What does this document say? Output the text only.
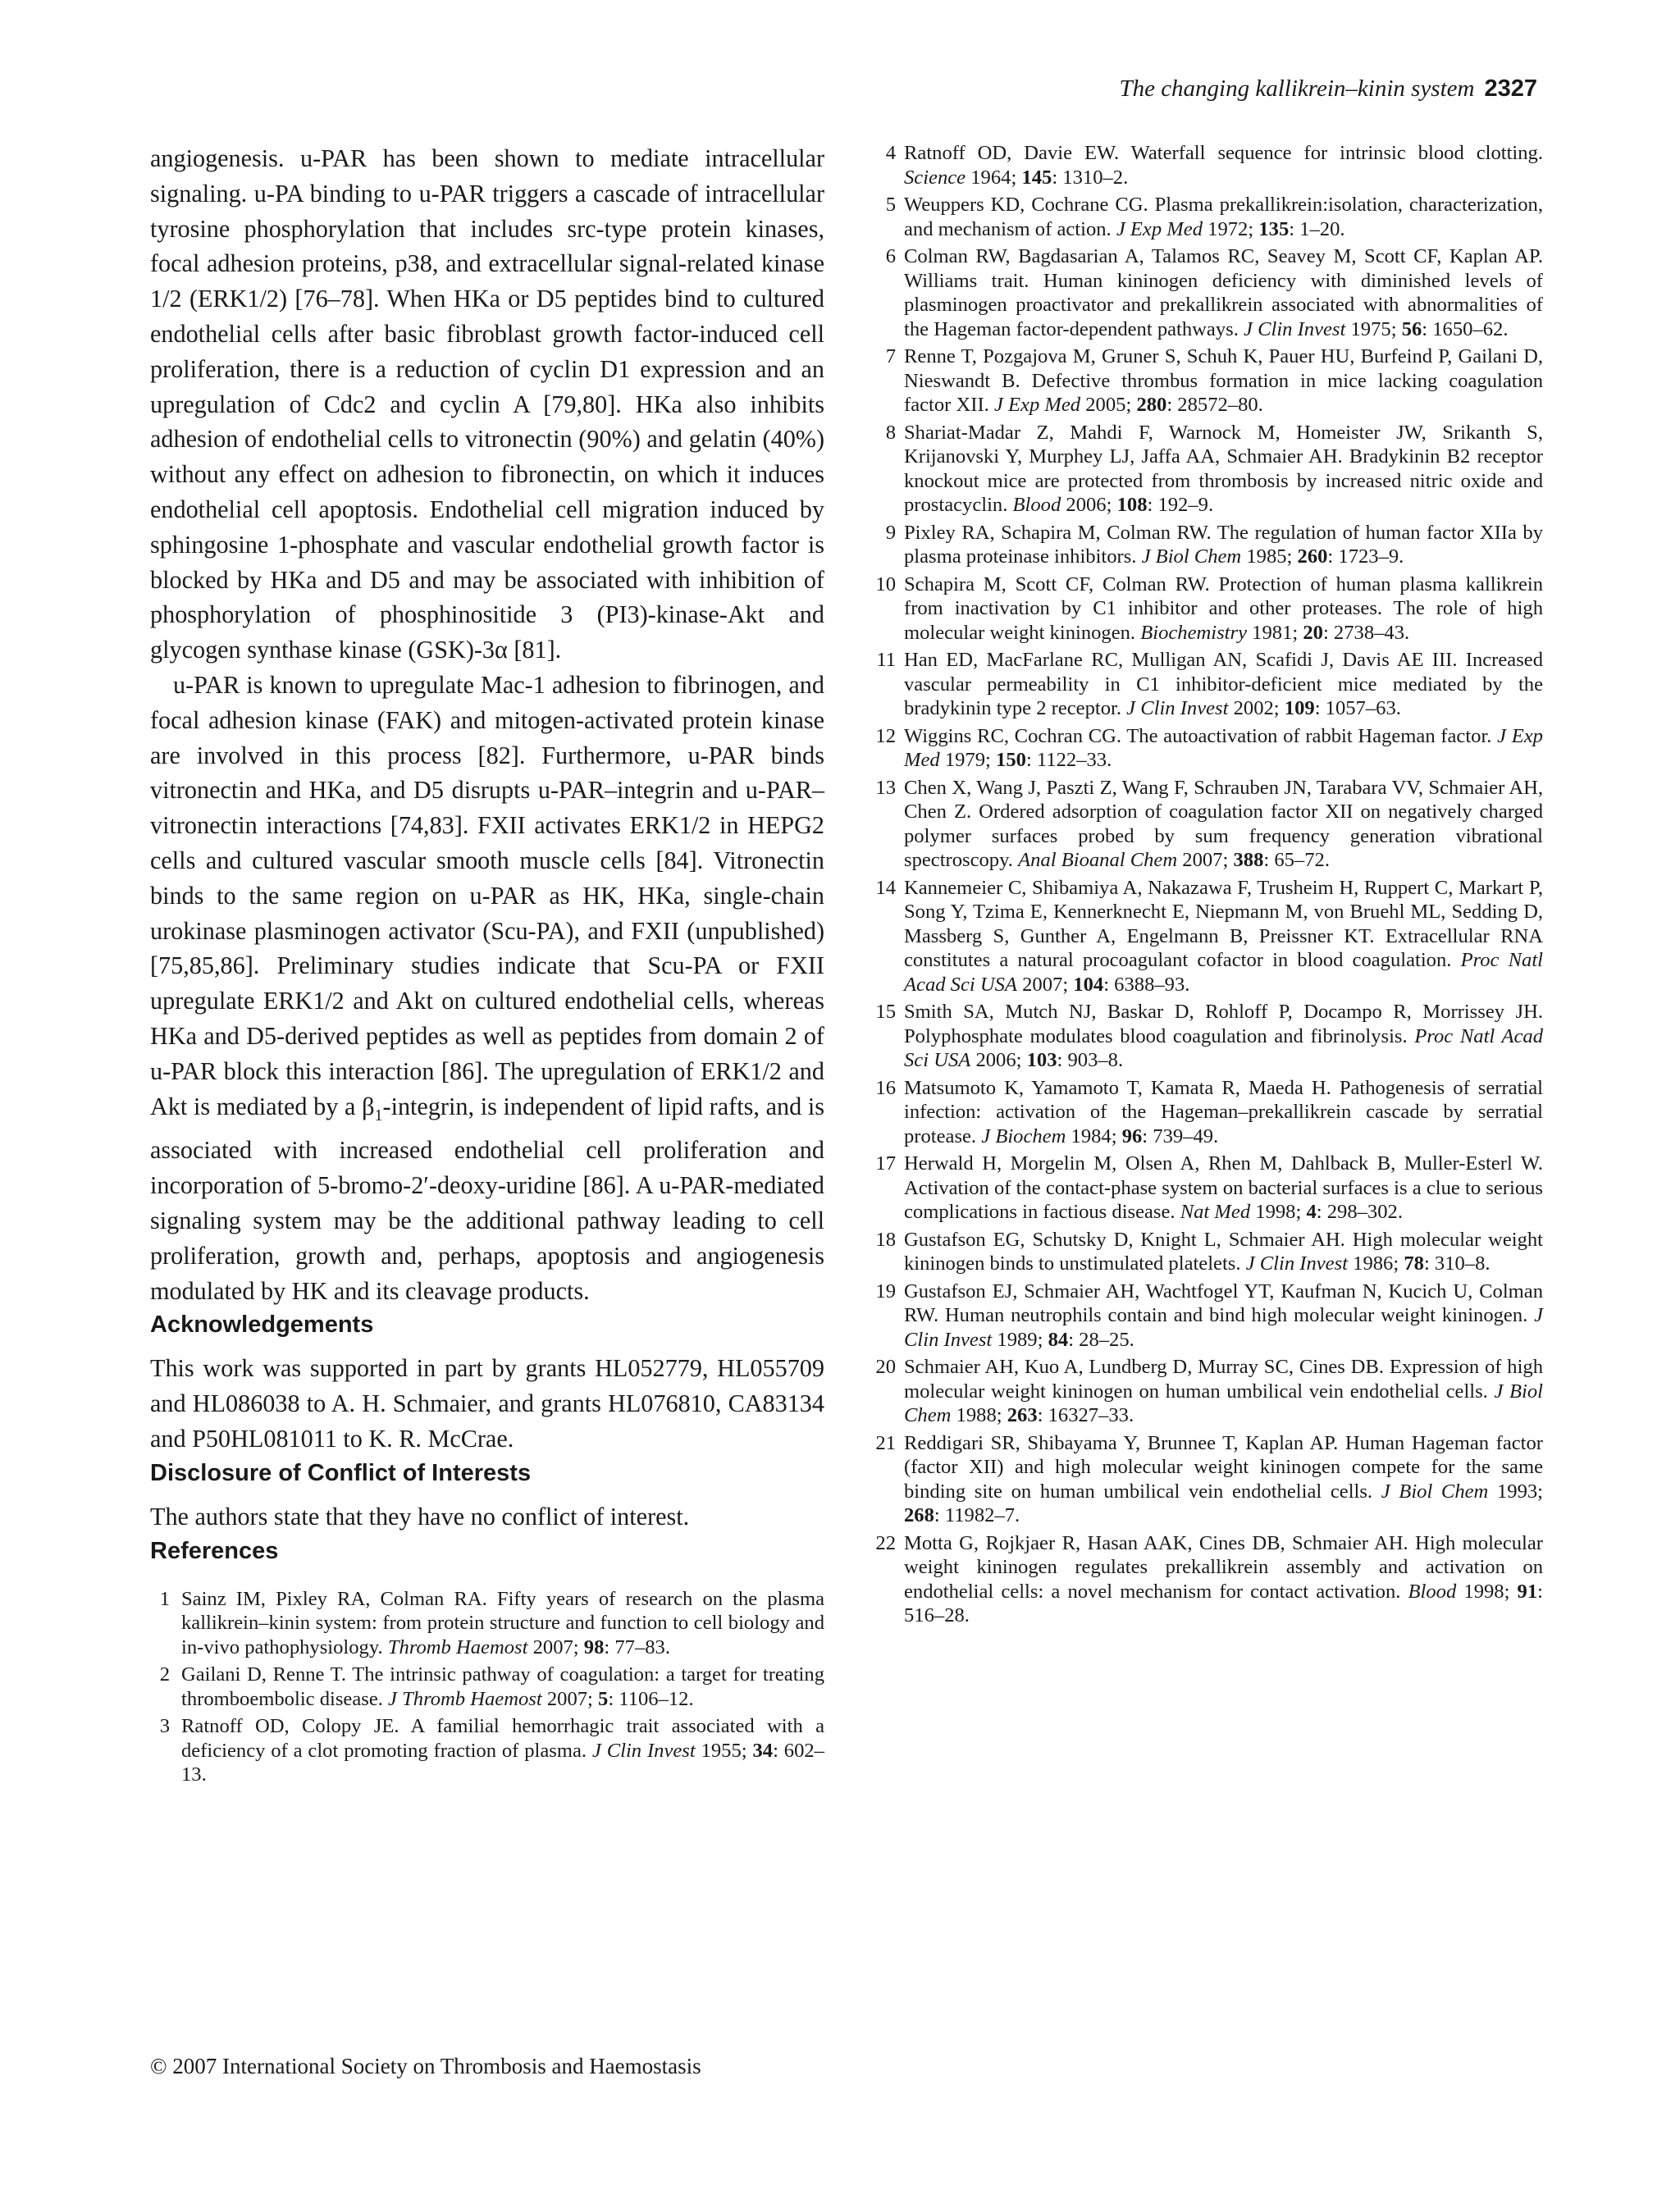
The changing kallikrein–kinin system 2327

angiogenesis. u-PAR has been shown to mediate intracellular signaling. u-PA binding to u-PAR triggers a cascade of intracellular tyrosine phosphorylation that includes src-type protein kinases, focal adhesion proteins, p38, and extracellular signal-related kinase 1/2 (ERK1/2) [76–78]. When HKa or D5 peptides bind to cultured endothelial cells after basic fibroblast growth factor-induced cell proliferation, there is a reduction of cyclin D1 expression and an upregulation of Cdc2 and cyclin A [79,80]. HKa also inhibits adhesion of endothelial cells to vitronectin (90%) and gelatin (40%) without any effect on adhesion to fibronectin, on which it induces endothelial cell apoptosis. Endothelial cell migration induced by sphingosine 1-phosphate and vascular endothelial growth factor is blocked by HKa and D5 and may be associated with inhibition of phosphorylation of phosphinositide 3 (PI3)-kinase-Akt and glycogen synthase kinase (GSK)-3α [81].

u-PAR is known to upregulate Mac-1 adhesion to fibrinogen, and focal adhesion kinase (FAK) and mitogen-activated protein kinase are involved in this process [82]. Furthermore, u-PAR binds vitronectin and HKa, and D5 disrupts u-PAR–integrin and u-PAR–vitronectin interactions [74,83]. FXII activates ERK1/2 in HEPG2 cells and cultured vascular smooth muscle cells [84]. Vitronectin binds to the same region on u-PAR as HK, HKa, single-chain urokinase plasminogen activator (Scu-PA), and FXII (unpublished) [75,85,86]. Preliminary studies indicate that Scu-PA or FXII upregulate ERK1/2 and Akt on cultured endothelial cells, whereas HKa and D5-derived peptides as well as peptides from domain 2 of u-PAR block this interaction [86]. The upregulation of ERK1/2 and Akt is mediated by a $\beta_1$-integrin, is independent of lipid rafts, and is associated with increased endothelial cell proliferation and incorporation of 5-bromo-2′-deoxy-uridine [86]. A u-PAR-mediated signaling system may be the additional pathway leading to cell proliferation, growth and, perhaps, apoptosis and angiogenesis modulated by HK and its cleavage products.

Acknowledgements

This work was supported in part by grants HL052779, HL055709 and HL086038 to A. H. Schmaier, and grants HL076810, CA83134 and P50HL081011 to K. R. McCrae.

Disclosure of Conflict of Interests

The authors state that they have no conflict of interest.

References
1 Sainz IM, Pixley RA, Colman RA. Fifty years of research on the plasma kallikrein–kinin system: from protein structure and function to cell biology and in-vivo pathophysiology. Thromb Haemost 2007; 98: 77–83.
2 Gailani D, Renne T. The intrinsic pathway of coagulation: a target for treating thromboembolic disease. J Thromb Haemost 2007; 5: 1106–12.
3 Ratnoff OD, Colopy JE. A familial hemorrhagic trait associated with a deficiency of a clot promoting fraction of plasma. J Clin Invest 1955; 34: 602–13.
4 Ratnoff OD, Davie EW. Waterfall sequence for intrinsic blood clotting. Science 1964; 145: 1310–2.
5 Weuppers KD, Cochrane CG. Plasma prekallikrein:isolation, characterization, and mechanism of action. J Exp Med 1972; 135: 1–20.
6 Colman RW, Bagdasarian A, Talamos RC, Seavey M, Scott CF, Kaplan AP. Williams trait. Human kininogen deficiency with diminished levels of plasminogen proactivator and prekallikrein associated with abnormalities of the Hageman factor-dependent pathways. J Clin Invest 1975; 56: 1650–62.
7 Renne T, Pozgajova M, Gruner S, Schuh K, Pauer HU, Burfeind P, Gailani D, Nieswandt B. Defective thrombus formation in mice lacking coagulation factor XII. J Exp Med 2005; 280: 28572–80.
8 Shariat-Madar Z, Mahdi F, Warnock M, Homeister JW, Srikanth S, Krijanovski Y, Murphey LJ, Jaffa AA, Schmaier AH. Bradykinin B2 receptor knockout mice are protected from thrombosis by increased nitric oxide and prostacyclin. Blood 2006; 108: 192–9.
9 Pixley RA, Schapira M, Colman RW. The regulation of human factor XIIa by plasma proteinase inhibitors. J Biol Chem 1985; 260: 1723–9.
10 Schapira M, Scott CF, Colman RW. Protection of human plasma kallikrein from inactivation by C1 inhibitor and other proteases. The role of high molecular weight kininogen. Biochemistry 1981; 20: 2738–43.
11 Han ED, MacFarlane RC, Mulligan AN, Scafidi J, Davis AE III. Increased vascular permeability in C1 inhibitor-deficient mice mediated by the bradykinin type 2 receptor. J Clin Invest 2002; 109: 1057–63.
12 Wiggins RC, Cochran CG. The autoactivation of rabbit Hageman factor. J Exp Med 1979; 150: 1122–33.
13 Chen X, Wang J, Paszti Z, Wang F, Schrauben JN, Tarabara VV, Schmaier AH, Chen Z. Ordered adsorption of coagulation factor XII on negatively charged polymer surfaces probed by sum frequency generation vibrational spectroscopy. Anal Bioanal Chem 2007; 388: 65–72.
14 Kannemeier C, Shibamiya A, Nakazawa F, Trusheim H, Ruppert C, Markart P, Song Y, Tzima E, Kennerknecht E, Niepmann M, von Bruehl ML, Sedding D, Massberg S, Gunther A, Engelmann B, Preissner KT. Extracellular RNA constitutes a natural procoagulant cofactor in blood coagulation. Proc Natl Acad Sci USA 2007; 104: 6388–93.
15 Smith SA, Mutch NJ, Baskar D, Rohloff P, Docampo R, Morrissey JH. Polyphosphate modulates blood coagulation and fibrinolysis. Proc Natl Acad Sci USA 2006; 103: 903–8.
16 Matsumoto K, Yamamoto T, Kamata R, Maeda H. Pathogenesis of serratial infection: activation of the Hageman–prekallikrein cascade by serratial protease. J Biochem 1984; 96: 739–49.
17 Herwald H, Morgelin M, Olsen A, Rhen M, Dahlback B, Muller-Esterl W. Activation of the contact-phase system on bacterial surfaces is a clue to serious complications in factious disease. Nat Med 1998; 4: 298–302.
18 Gustafson EG, Schutsky D, Knight L, Schmaier AH. High molecular weight kininogen binds to unstimulated platelets. J Clin Invest 1986; 78: 310–8.
19 Gustafson EJ, Schmaier AH, Wachtfogel YT, Kaufman N, Kucich U, Colman RW. Human neutrophils contain and bind high molecular weight kininogen. J Clin Invest 1989; 84: 28–25.
20 Schmaier AH, Kuo A, Lundberg D, Murray SC, Cines DB. Expression of high molecular weight kininogen on human umbilical vein endothelial cells. J Biol Chem 1988; 263: 16327–33.
21 Reddigari SR, Shibayama Y, Brunnee T, Kaplan AP. Human Hageman factor (factor XII) and high molecular weight kininogen compete for the same binding site on human umbilical vein endothelial cells. J Biol Chem 1993; 268: 11982–7.
22 Motta G, Rojkjaer R, Hasan AAK, Cines DB, Schmaier AH. High molecular weight kininogen regulates prekallikrein assembly and activation on endothelial cells: a novel mechanism for contact activation. Blood 1998; 91: 516–28.
© 2007 International Society on Thrombosis and Haemostasis
